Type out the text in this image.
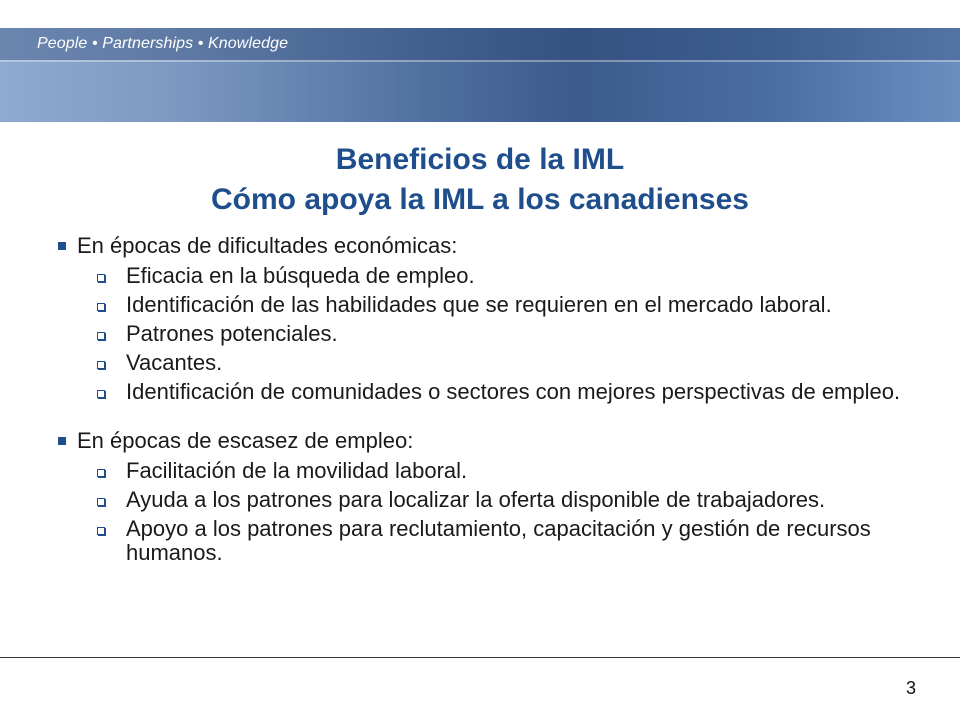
People • Partnerships • Knowledge
Beneficios de la IML
Cómo apoya la IML a los canadienses
En épocas de dificultades económicas:
Eficacia en la búsqueda de empleo.
Identificación de las habilidades que se requieren en el mercado laboral.
Patrones potenciales.
Vacantes.
Identificación de comunidades o sectores con mejores perspectivas de empleo.
En épocas de escasez de empleo:
Facilitación de la movilidad laboral.
Ayuda a los patrones para localizar la oferta disponible de trabajadores.
Apoyo a los patrones para reclutamiento, capacitación y gestión de recursos humanos.
3
